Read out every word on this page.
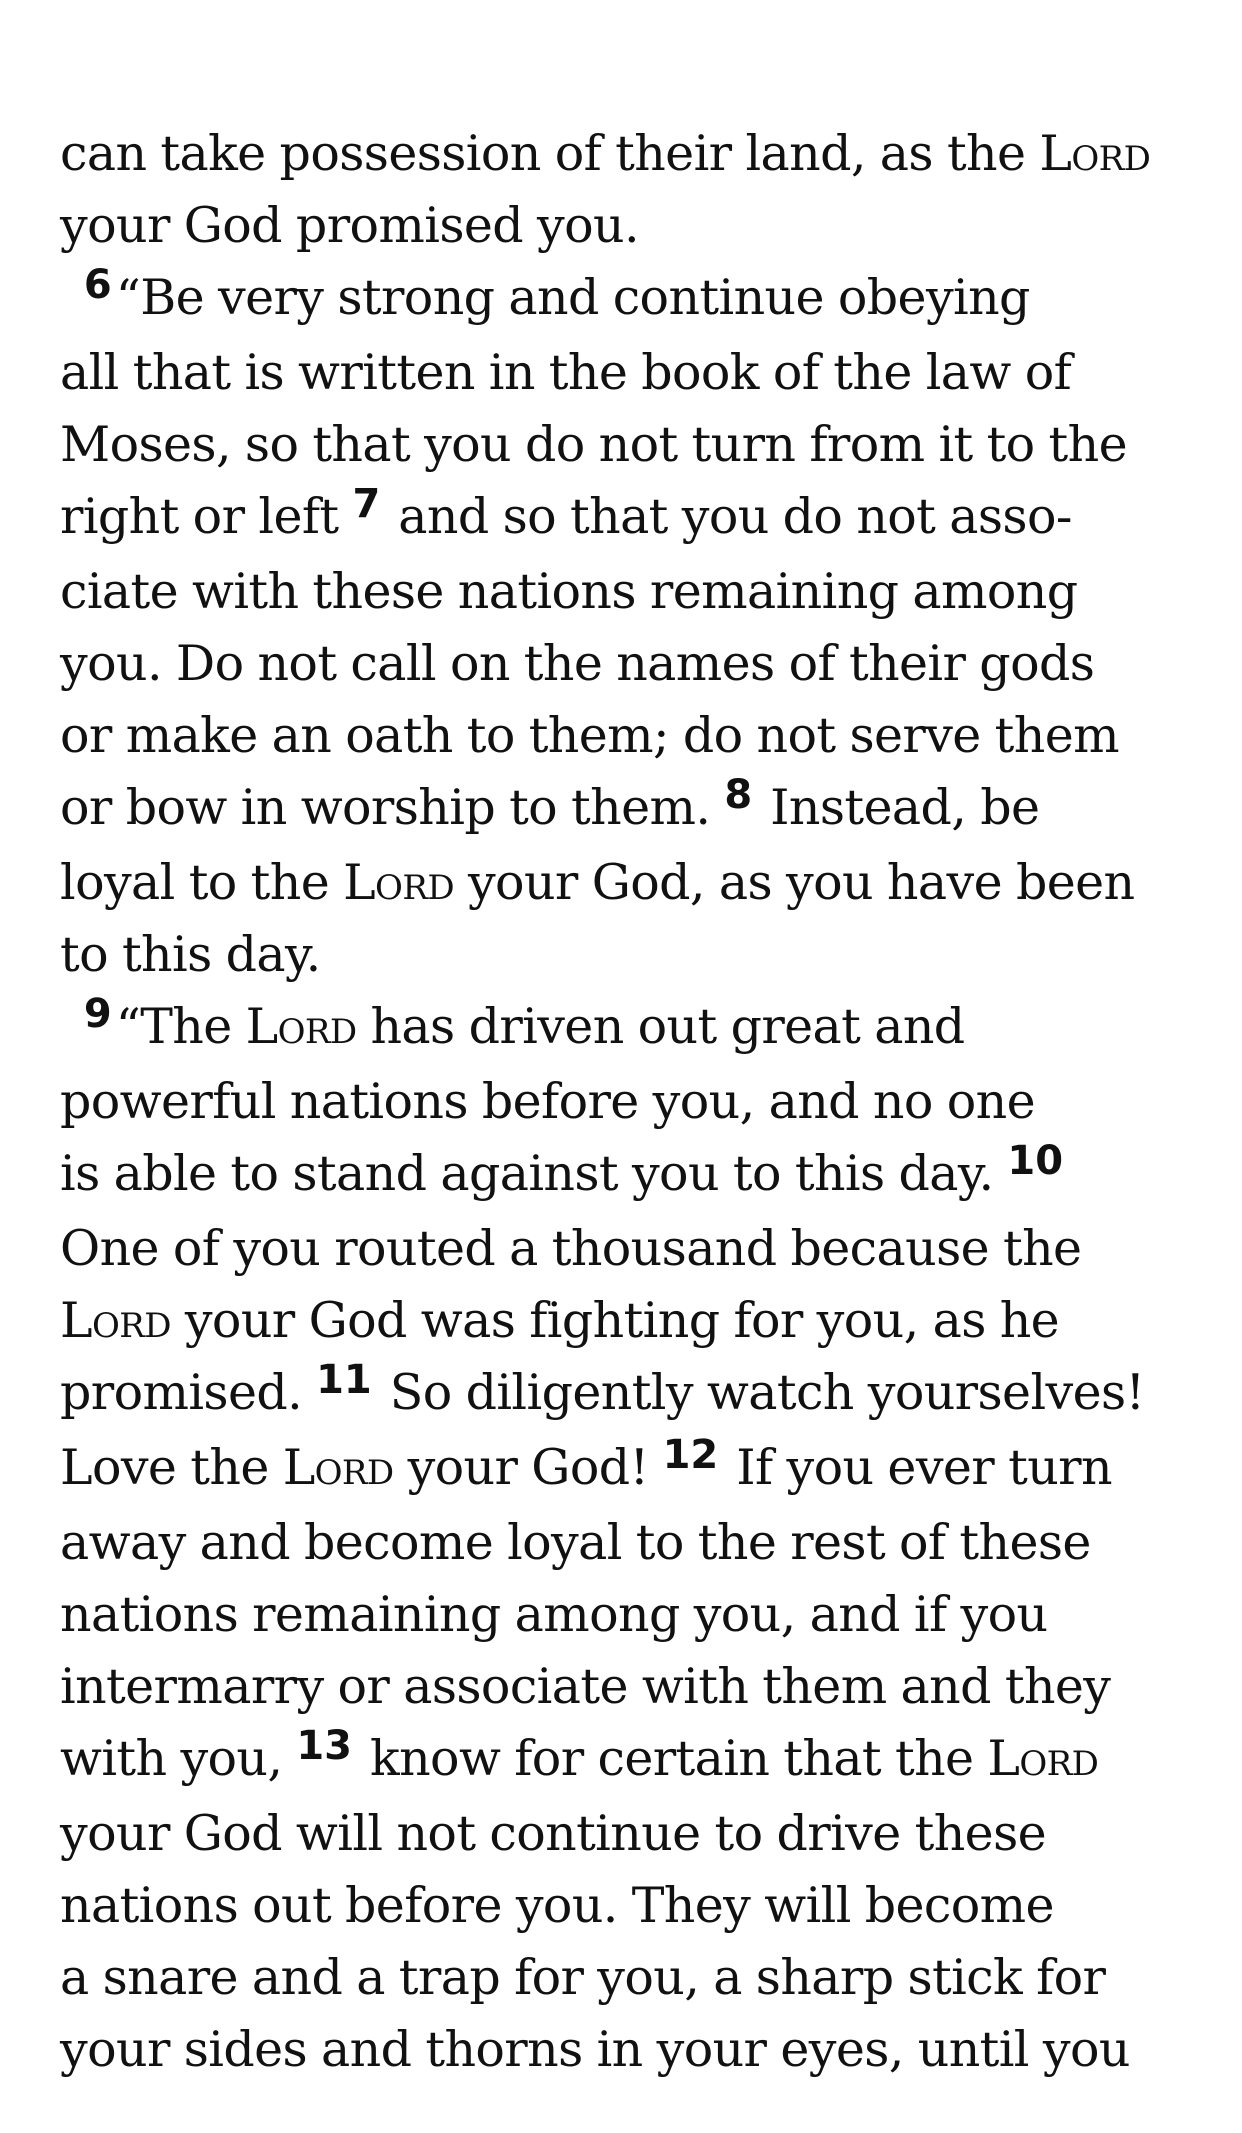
can take possession of their land, as the Lord
your God promised you.

 $^6$“Be very strong and continue obeying
all that is written in the book of the law of
Moses, so that you do not turn from it to the
right or left $^7$ and so that you do not asso-
ciate with these nations remaining among
you. Do not call on the names of their gods
or make an oath to them; do not serve them
or bow in worship to them. $^8$ Instead, be
loyal to the Lord your God, as you have been
to this day.

 $^9$“The Lord has driven out great and
powerful nations before you, and no one
is able to stand against you to this day. $^{10}$
One of you routed a thousand because the
Lord your God was fighting for you, as he
promised. $^{11}$ So diligently watch yourselves!
Love the Lord your God! $^{12}$ If you ever turn
away and become loyal to the rest of these
nations remaining among you, and if you
intermarry or associate with them and they
with you, $^{13}$ know for certain that the Lord
your God will not continue to drive these
nations out before you. They will become
a snare and a trap for you, a sharp stick for
your sides and thorns in your eyes, until you
